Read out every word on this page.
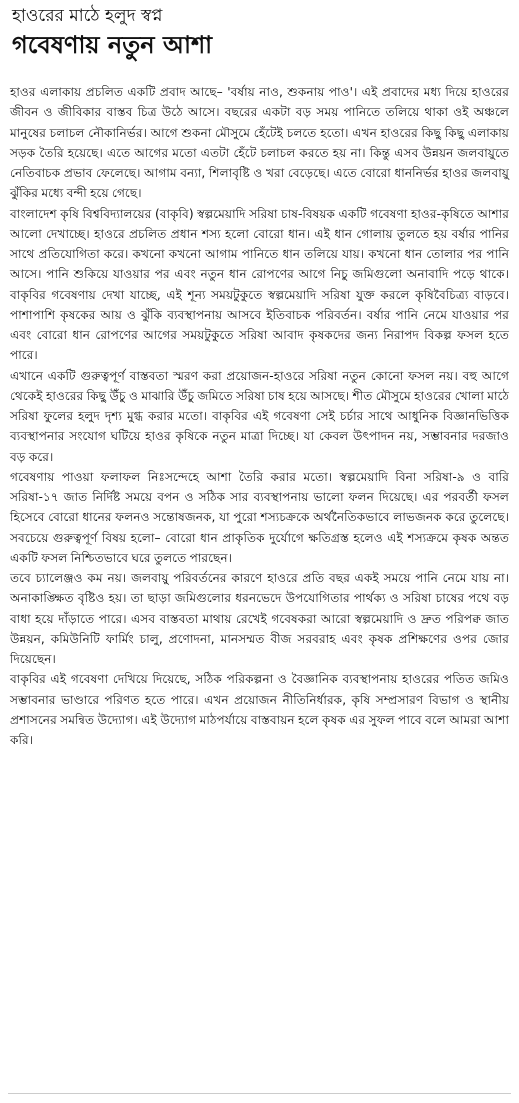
হাওরের মাঠে হলুদ স্বপ্ন
গবেষণায় নতুন আশা

হাওর এলাকায় প্রচলিত একটি প্রবাদ আছে– 'বর্ষায় নাও, শুকনায় পাও'। এই প্রবাদের মধ্য দিয়ে হাওরের জীবন ও জীবিকার বাস্তব চিত্র উঠে আসে। বছরের একটা বড় সময় পানিতে তলিয়ে থাকা ওই অঞ্চলে মানুষের চলাচল নৌকানির্ভর। আগে শুকনা মৌসুমে হেঁটেই চলতে হতো। এখন হাওরের কিছু কিছু এলাকায় সড়ক তৈরি হয়েছে। এতে আগের মতো এতটা হেঁটে চলাচল করতে হয় না। কিন্তু এসব উন্নয়ন জলবায়ুতে নেতিবাচক প্রভাব ফেলেছে। আগাম বন্যা, শিলাবৃষ্টি ও খরা বেড়েছে। এতে বোরো ধাননির্ভর হাওর জলবায়ু ঝুঁকির মধ্যে বন্দী হয়ে গেছে।

বাংলাদেশ কৃষি বিশ্ববিদ্যালয়ের (বাকৃবি) স্বল্পমেয়াদি সরিষা চাষ-বিষয়ক একটি গবেষণা হাওর-কৃষিতে আশার আলো দেখাচ্ছে। হাওরে প্রচলিত প্রধান শস্য হলো বোরো ধান। এই ধান গোলায় তুলতে হয় বর্ষার পানির সাথে প্রতিযোগিতা করে। কখনো কখনো আগাম পানিতে ধান তলিয়ে যায়। কখনো ধান তোলার পর পানি আসে। পানি শুকিয়ে যাওয়ার পর এবং নতুন ধান রোপণের আগে নিচু জমিগুলো অনাবাদি পড়ে থাকে। বাকৃবির গবেষণায় দেখা যাচ্ছে, এই শূন্য সময়টুকুতে স্বল্পমেয়াদি সরিষা যুক্ত করলে কৃষিবৈচিত্র্য বাড়বে। পাশাপাশি কৃষকের আয় ও ঝুঁকি ব্যবস্থাপনায় আসবে ইতিবাচক পরিবর্তন। বর্ষার পানি নেমে যাওয়ার পর এবং বোরো ধান রোপণের আগের সময়টুকুতে সরিষা আবাদ কৃষকদের জন্য নিরাপদ বিকল্প ফসল হতে পারে।

এখানে একটি গুরুত্বপূর্ণ বাস্তবতা স্মরণ করা প্রয়োজন-হাওরে সরিষা নতুন কোনো ফসল নয়। বহু আগে থেকেই হাওরের কিছু উঁচু ও মাঝারি উঁচু জমিতে সরিষা চাষ হয়ে আসছে। শীত মৌসুমে হাওরের খোলা মাঠে সরিষা ফুলের হলুদ দৃশ্য মুগ্ধ করার মতো। বাকৃবির এই গবেষণা সেই চর্চার সাথে আধুনিক বিজ্ঞানভিত্তিক ব্যবস্থাপনার সংযোগ ঘটিয়ে হাওর কৃষিকে নতুন মাত্রা দিচ্ছে। যা কেবল উৎপাদন নয়, সম্ভাবনার দরজাও বড় করে।

গবেষণায় পাওয়া ফলাফল নিঃসন্দেহে আশা তৈরি করার মতো। স্বল্পমেয়াদি বিনা সরিষা-৯ ও বারি সরিষা-১৭ জাত নির্দিষ্ট সময়ে বপন ও সঠিক সার ব্যবস্থাপনায় ভালো ফলন দিয়েছে। এর পরবর্তী ফসল হিসেবে বোরো ধানের ফলনও সন্তোষজনক, যা পুরো শস্যচক্রকে অর্থনৈতিকভাবে লাভজনক করে তুলেছে। সবচেয়ে গুরুত্বপূর্ণ বিষয় হলো– বোরো ধান প্রাকৃতিক দুর্যোগে ক্ষতিগ্রস্ত হলেও এই শস্যক্রমে কৃষক অন্তত একটি ফসল নিশ্চিতভাবে ঘরে তুলতে পারছেন।

তবে চ্যালেঞ্জও কম নয়। জলবায়ু পরিবর্তনের কারণে হাওরে প্রতি বছর একই সময়ে পানি নেমে যায় না। অনাকাঙ্ক্ষিত বৃষ্টিও হয়। তা ছাড়া জমিগুলোর ধরনভেদে উপযোগিতার পার্থক্য ও সরিষা চাষের পথে বড় বাধা হয়ে দাঁড়াতে পারে। এসব বাস্তবতা মাথায় রেখেই গবেষকরা আরো স্বল্পমেয়াদি ও দ্রুত পরিপক্ব জাত উন্নয়ন, কমিউনিটি ফার্মিং চালু, প্রণোদনা, মানসম্মত বীজ সরবরাহ এবং কৃষক প্রশিক্ষণের ওপর জোর দিয়েছেন।

বাকৃবির এই গবেষণা দেখিয়ে দিয়েছে, সঠিক পরিকল্পনা ও বৈজ্ঞানিক ব্যবস্থাপনায় হাওরের পতিত জমিও সম্ভাবনার ভাণ্ডারে পরিণত হতে পারে। এখন প্রয়োজন নীতিনির্ধারক, কৃষি সম্প্রসারণ বিভাগ ও স্থানীয় প্রশাসনের সমন্বিত উদ্যোগ। এই উদ্যোগ মাঠপর্যায়ে বাস্তবায়ন হলে কৃষক এর সুফল পাবে বলে আমরা আশা করি।
